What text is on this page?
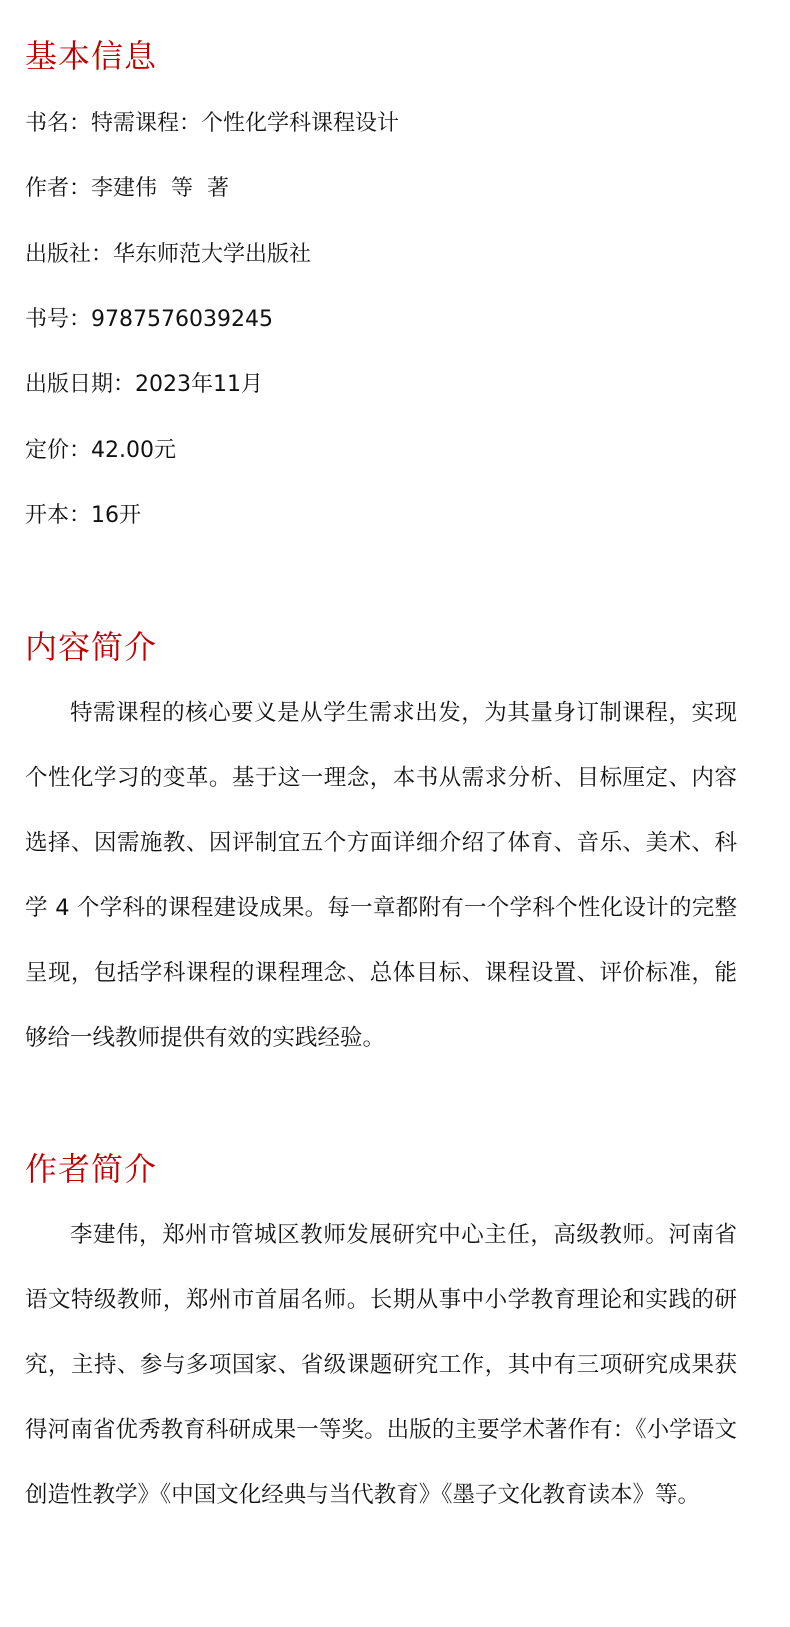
基本信息
书名：特需课程：个性化学科课程设计
作者：李建伟  等  著
出版社：华东师范大学出版社
书号：9787576039245
出版日期：2023年11月
定价：42.00元
开本：16开
内容简介

特需课程的核心要义是从学生需求出发，为其量身订制课程，实现个性化学习的变革。基于这一理念，本书从需求分析、目标厘定、内容选择、因需施教、因评制宜五个方面详细介绍了体育、音乐、美术、科学 4 个学科的课程建设成果。每一章都附有一个学科个性化设计的完整呈现，包括学科课程的课程理念、总体目标、课程设置、评价标准，能够给一线教师提供有效的实践经验。

作者简介

李建伟，郑州市管城区教师发展研究中心主任，高级教师。河南省语文特级教师，郑州市首届名师。长期从事中小学教育理论和实践的研究，主持、参与多项国家、省级课题研究工作，其中有三项研究成果获得河南省优秀教育科研成果一等奖。出版的主要学术著作有：《小学语文创造性教学》《中国文化经典与当代教育》《墨子文化教育读本》等。
